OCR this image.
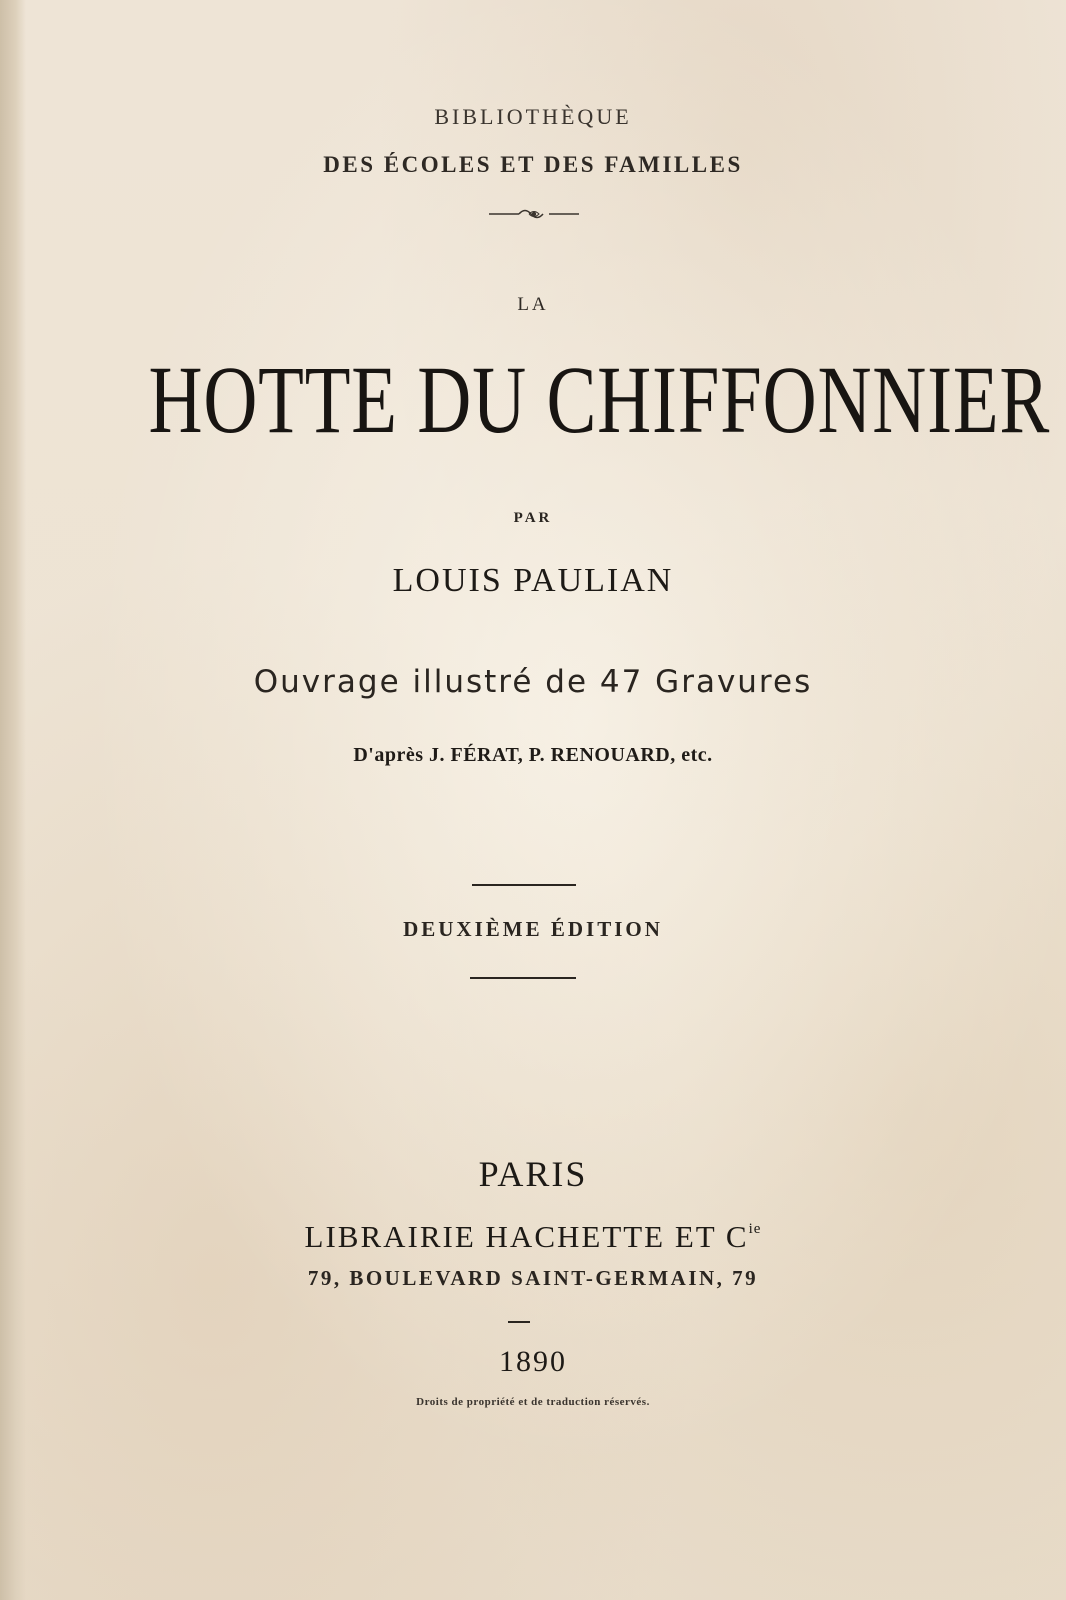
BIBLIOTHÈQUE

DES ÉCOLES ET DES FAMILLES

LA

HOTTE DU CHIFFONNIER

PAR

LOUIS PAULIAN

Ouvrage illustré de 47 Gravures

D'après J. FÉRAT, P. RENOUARD, etc.

DEUXIÈME ÉDITION

PARIS

LIBRAIRIE HACHETTE ET $C^{ie}$

79, BOULEVARD SAINT-GERMAIN, 79

1890

Droits de propriété et de traduction réservés.
